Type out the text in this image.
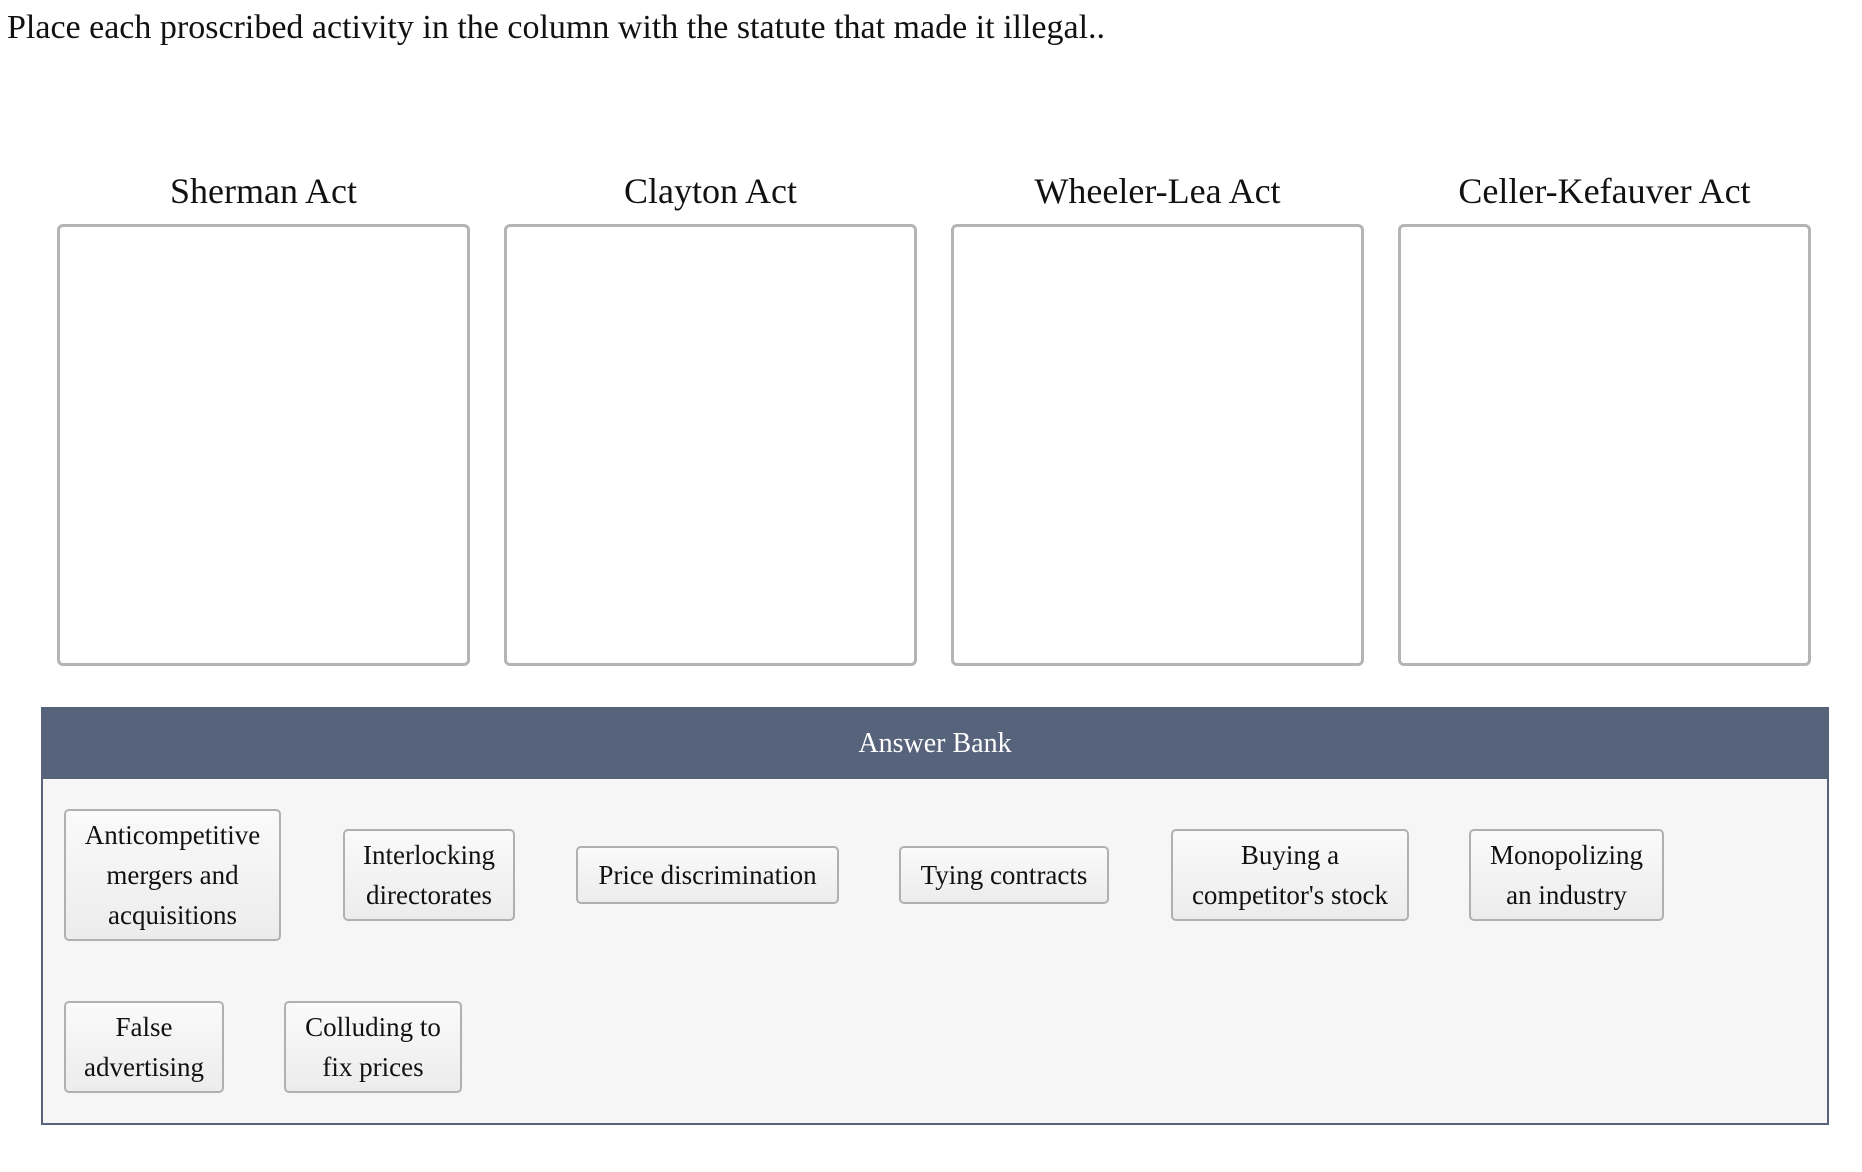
Place each proscribed activity in the column with the statute that made it illegal..
Sherman Act	Clayton Act	Wheeler-Lea Act	Celler-Kefauver Act
Answer Bank
Anticompetitive mergers and acquisitions
Interlocking directorates
Price discrimination	Tying contracts
Buying a competitor's stock
Monopolizing an industry
False advertising
Colluding to fix prices
